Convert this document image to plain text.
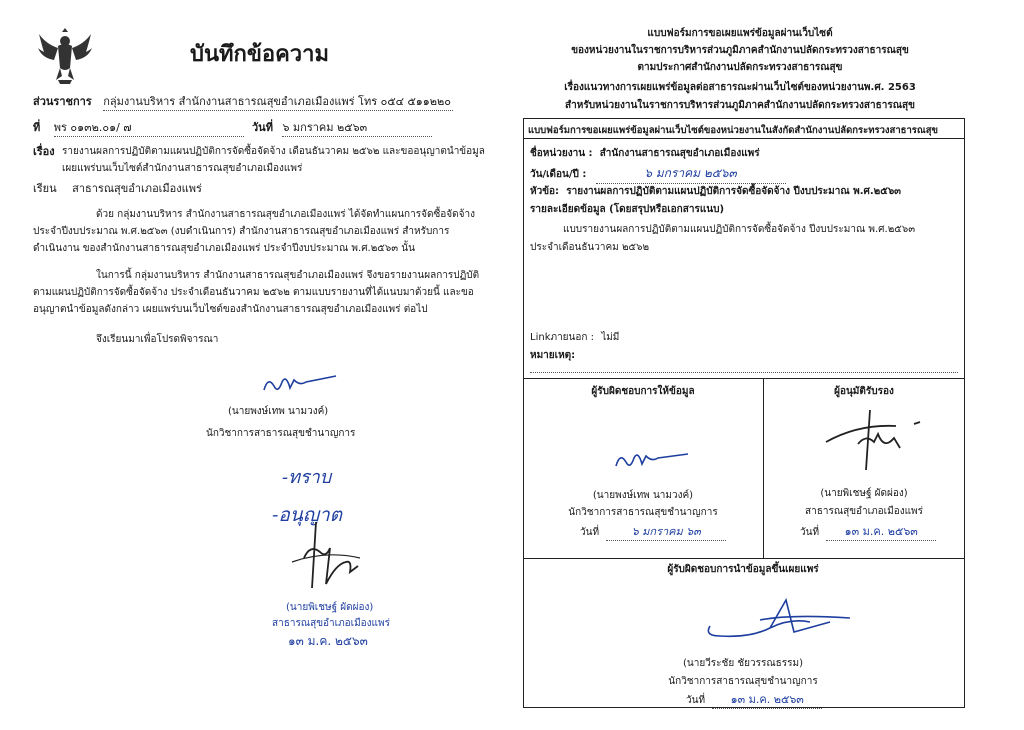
บันทึกข้อความ
ส่วนราชการ กลุ่มงานบริหาร สำนักงานสาธารณสุขอำเภอเมืองแพร่ โทร ๐๕๔ ๕๑๑๒๒๐
ที่ พร ๐๑๓๒.๐๑/ ๗	วันที่ ๖ มกราคม ๒๕๖๓
เรื่อง รายงานผลการปฏิบัติตามแผนปฏิบัติการจัดซื้อจัดจ้าง เดือนธันวาคม ๒๕๖๒ และขออนุญาตนำข้อมูล
เผยแพร่บนเว็บไซต์สำนักงานสาธารณสุขอำเภอเมืองแพร่
เรียน สาธารณสุขอำเภอเมืองแพร่
ด้วย กลุ่มงานบริหาร สำนักงานสาธารณสุขอำเภอเมืองแพร่ ได้จัดทำแผนการจัดซื้อจัดจ้าง
ประจำปีงบประมาณ พ.ศ.๒๕๖๓ (งบดำเนินการ) สำนักงานสาธารณสุขอำเภอเมืองแพร่ สำหรับการ
ดำเนินงาน ของสำนักงานสาธารณสุขอำเภอเมืองแพร่ ประจำปีงบประมาณ พ.ศ.๒๕๖๓ นั้น
ในการนี้ กลุ่มงานบริหาร สำนักงานสาธารณสุขอำเภอเมืองแพร่ จึงขอรายงานผลการปฏิบัติ
ตามแผนปฏิบัติการจัดซื้อจัดจ้าง ประจำเดือนธันวาคม ๒๕๖๒ ตามแบบรายงานที่ได้แนบมาด้วยนี้ และขอ
อนุญาตนำข้อมูลดังกล่าว เผยแพร่บนเว็บไซต์ของสำนักงานสาธารณสุขอำเภอเมืองแพร่ ต่อไป
จึงเรียนมาเพื่อโปรดพิจารณา
(นายพงษ์เทพ นามวงค์)
นักวิชาการสาธารณสุขชำนาญการ
-ทราบ
-อนุญาต
(นายพิเชษฐ์ ผัดผ่อง)
สาธารณสุขอำเภอเมืองแพร่
๑๓ ม.ค. ๒๕๖๓
แบบฟอร์มการขอเผยแพร่ข้อมูลผ่านเว็บไซต์
ของหน่วยงานในราชการบริหารส่วนภูมิภาคสำนักงานปลัดกระทรวงสาธารณสุข
ตามประกาศสำนักงานปลัดกระทรวงสาธารณสุข
เรื่องแนวทางการเผยแพร่ข้อมูลต่อสาธารณะผ่านเว็บไซต์ของหน่วยงานพ.ศ. 2563
สำหรับหน่วยงานในราชการบริหารส่วนภูมิภาคสำนักงานปลัดกระทรวงสาธารณสุข
แบบฟอร์มการขอเผยแพร่ข้อมูลผ่านเว็บไซต์ของหน่วยงานในสังกัดสำนักงานปลัดกระทรวงสาธารณสุข
ชื่อหน่วยงาน : สำนักงานสาธารณสุขอำเภอเมืองแพร่
วัน/เดือน/ปี :	๖ มกราคม ๒๕๖๓
หัวข้อ: รายงานผลการปฏิบัติตามแผนปฏิบัติการจัดซื้อจัดจ้าง ปีงบประมาณ พ.ศ.๒๕๖๓
รายละเอียดข้อมูล (โดยสรุปหรือเอกสารแนบ)
แบบรายงานผลการปฏิบัติตามแผนปฏิบัติการจัดซื้อจัดจ้าง ปีงบประมาณ พ.ศ.๒๕๖๓
ประจำเดือนธันวาคม ๒๕๖๒
Linkภายนอก : ไม่มี
หมายเหตุ:
ผู้รับผิดชอบการให้ข้อมูล
(นายพงษ์เทพ นามวงค์)
นักวิชาการสาธารณสุขชำนาญการ
วันที่	๖ มกราคม ๖๓
ผู้อนุมัติรับรอง
(นายพิเชษฐ์ ผัดผ่อง)
สาธารณสุขอำเภอเมืองแพร่
วันที่ ๑๓ ม.ค. ๒๕๖๓
ผู้รับผิดชอบการนำข้อมูลขึ้นเผยแพร่
(นายวีระชัย ชัยวรรณธรรม)
นักวิชาการสาธารณสุขชำนาญการ
วันที่ ๑๓ ม.ค. ๒๕๖๓
